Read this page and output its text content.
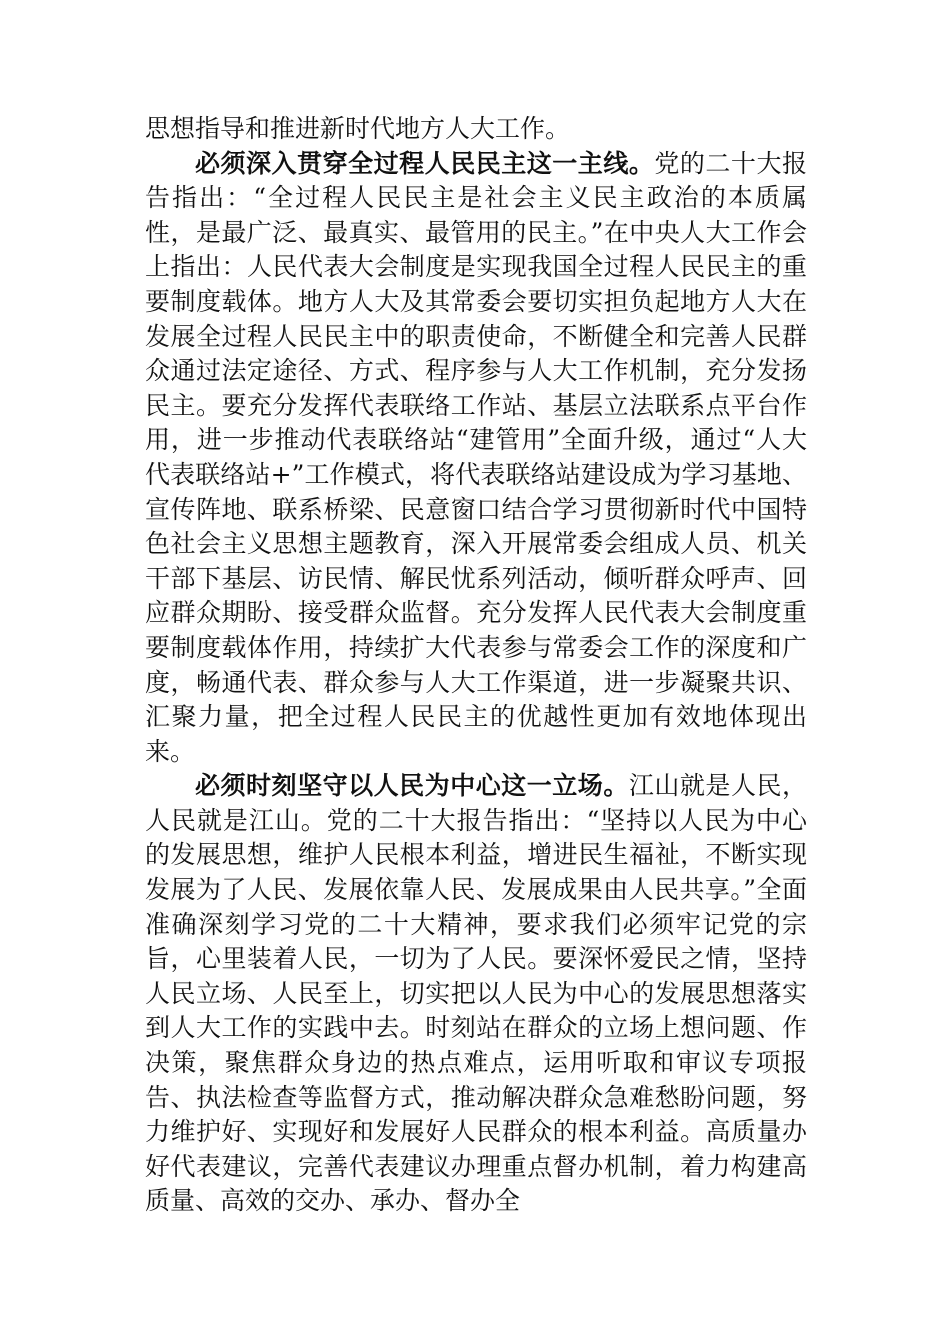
思想指导和推进新时代地方人大工作。

必须深入贯穿全过程人民民主这一主线。党的二十大报告指出：“全过程人民民主是社会主义民主政治的本质属性，是最广泛、最真实、最管用的民主。”在中央人大工作会上指出：人民代表大会制度是实现我国全过程人民民主的重要制度载体。地方人大及其常委会要切实担负起地方人大在发展全过程人民民主中的职责使命，不断健全和完善人民群众通过法定途径、方式、程序参与人大工作机制，充分发扬民主。要充分发挥代表联络工作站、基层立法联系点平台作用，进一步推动代表联络站“建管用”全面升级，通过“人大代表联络站+”工作模式，将代表联络站建设成为学习基地、宣传阵地、联系桥梁、民意窗口结合学习贯彻新时代中国特色社会主义思想主题教育，深入开展常委会组成人员、机关干部下基层、访民情、解民忧系列活动，倾听群众呼声、回应群众期盼、接受群众监督。充分发挥人民代表大会制度重要制度载体作用，持续扩大代表参与常委会工作的深度和广度，畅通代表、群众参与人大工作渠道，进一步凝聚共识、汇聚力量，把全过程人民民主的优越性更加有效地体现出来。

必须时刻坚守以人民为中心这一立场。江山就是人民，人民就是江山。党的二十大报告指出：“坚持以人民为中心的发展思想，维护人民根本利益，增进民生福祉，不断实现发展为了人民、发展依靠人民、发展成果由人民共享。”全面准确深刻学习党的二十大精神，要求我们必须牢记党的宗旨，心里装着人民，一切为了人民。要深怀爱民之情，坚持人民立场、人民至上，切实把以人民为中心的发展思想落实到人大工作的实践中去。时刻站在群众的立场上想问题、作决策，聚焦群众身边的热点难点，运用听取和审议专项报告、执法检查等监督方式，推动解决群众急难愁盼问题，努力维护好、实现好和发展好人民群众的根本利益。高质量办好代表建议，完善代表建议办理重点督办机制，着力构建高质量、高效的交办、承办、督办全
